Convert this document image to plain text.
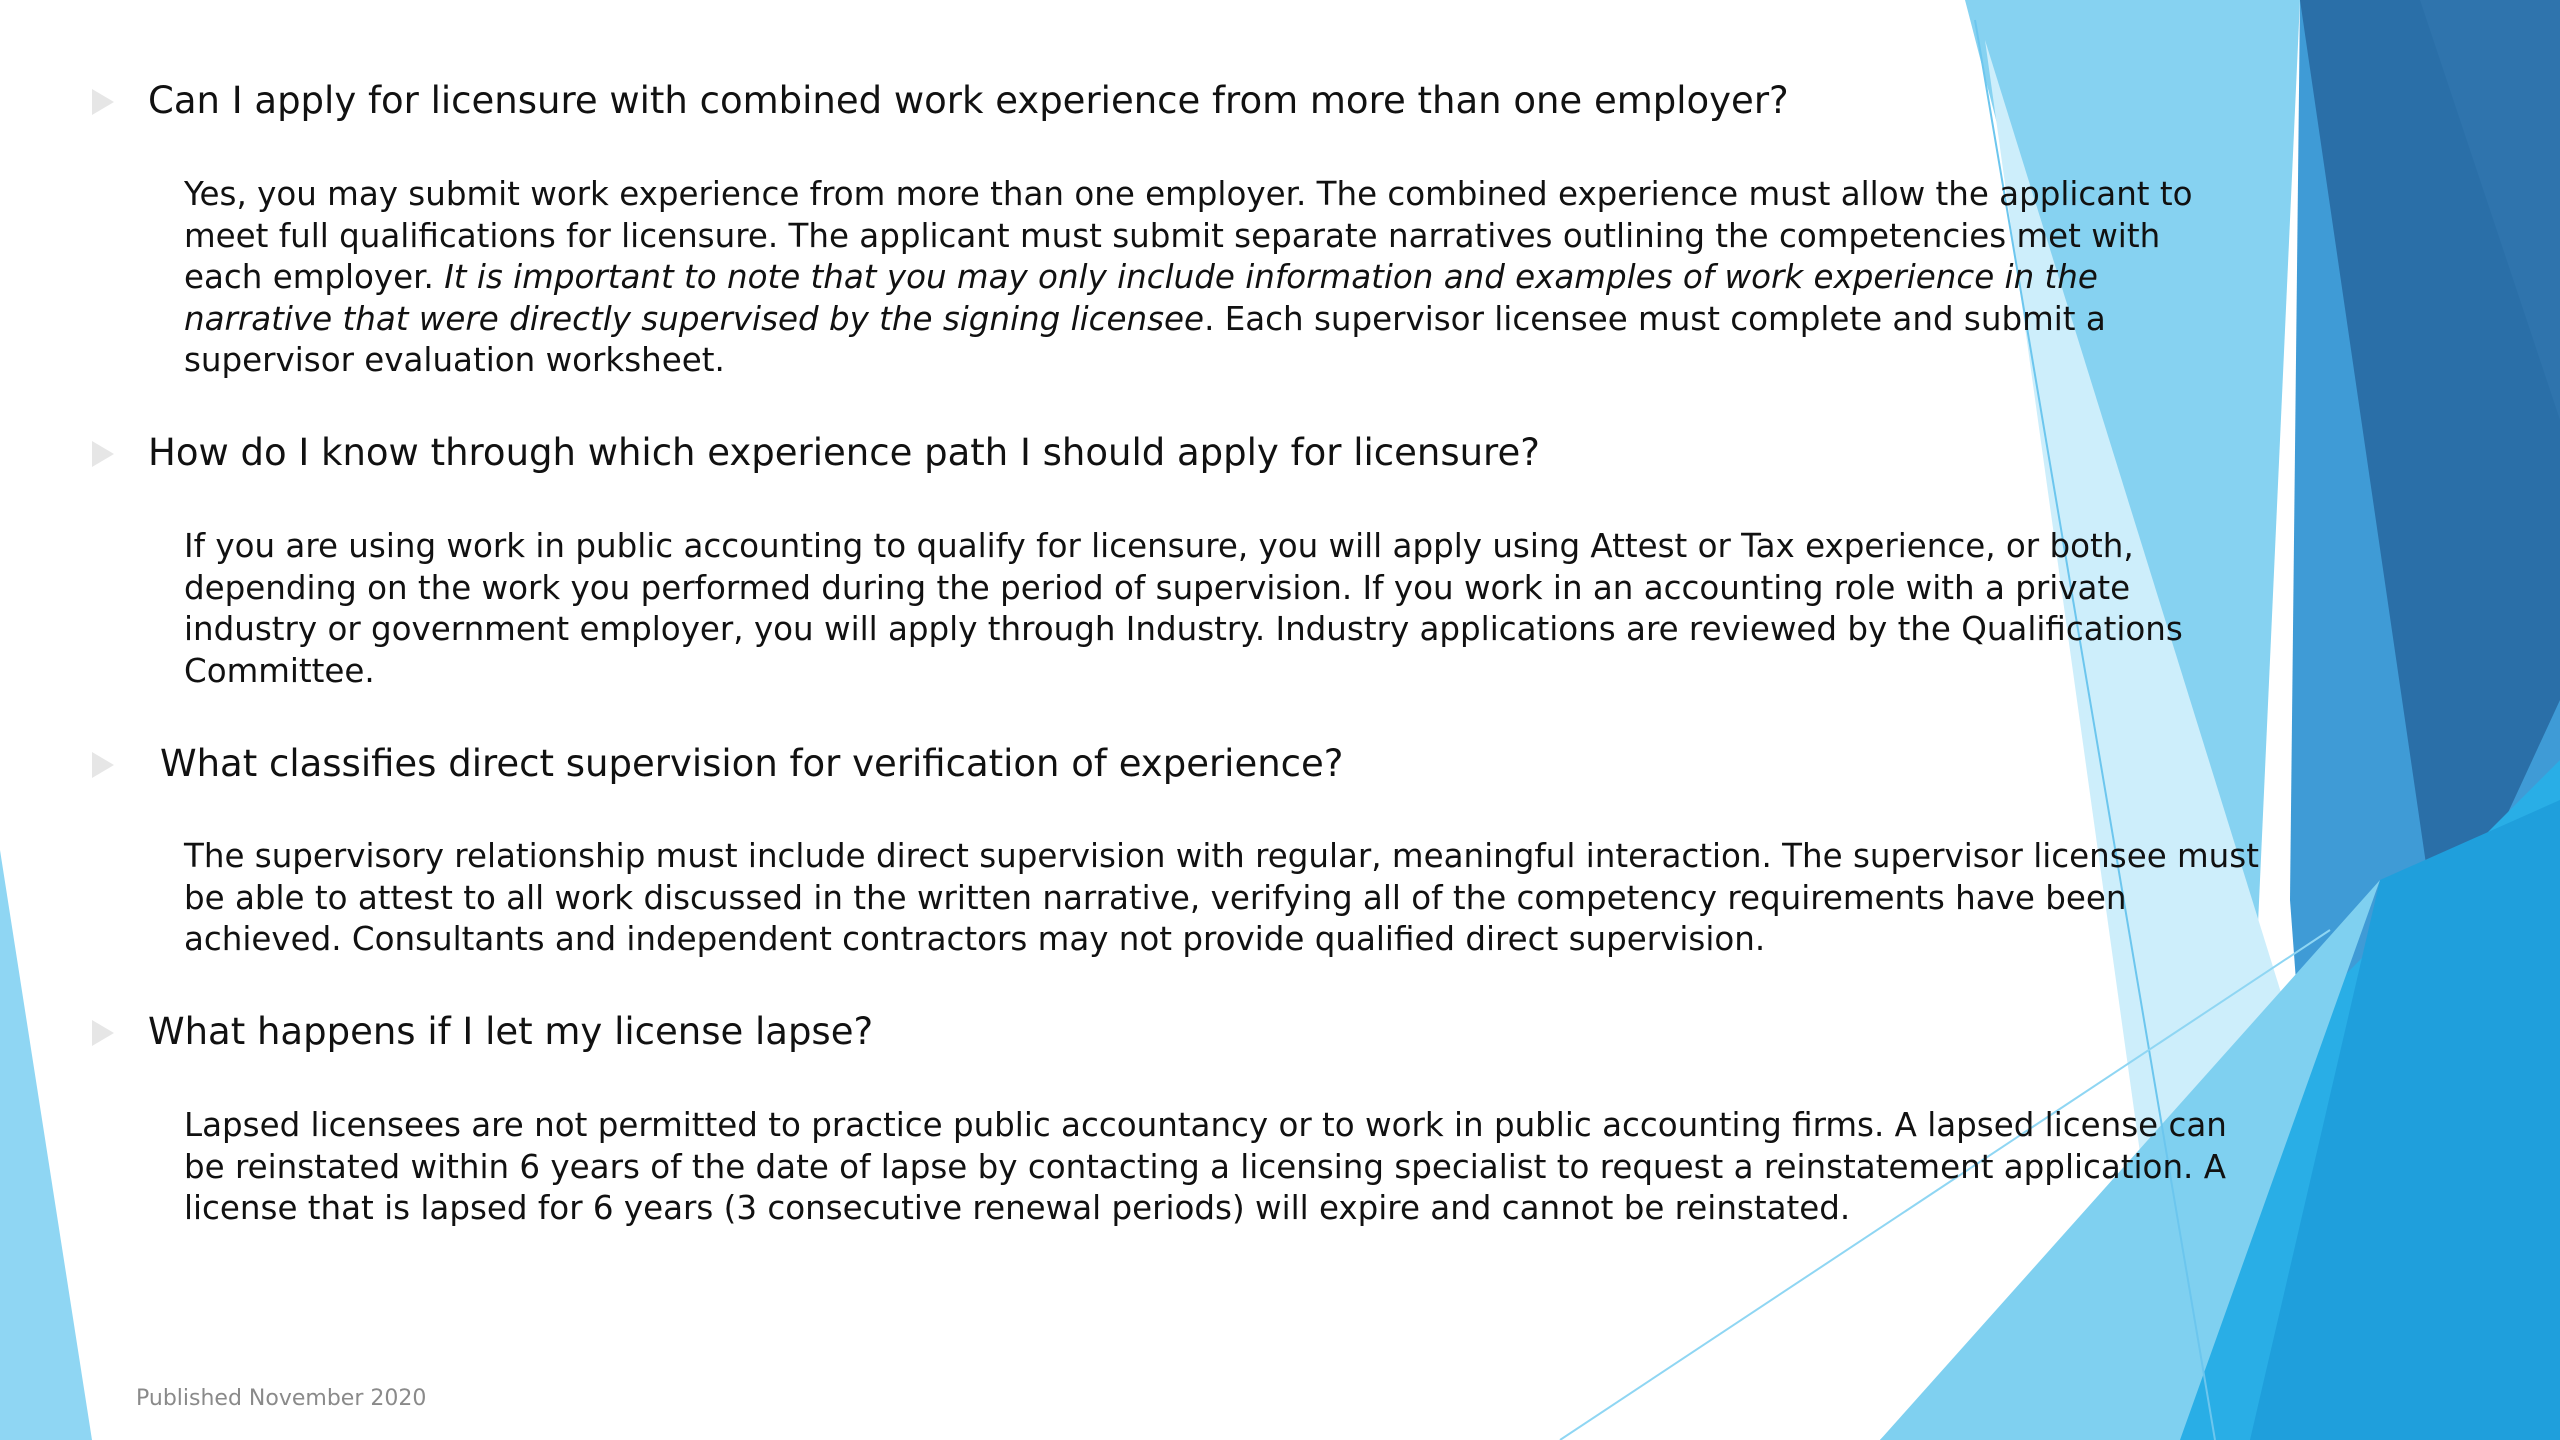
Can I apply for licensure with combined work experience from more than one employer?

Yes, you may submit work experience from more than one employer. The combined experience must allow the applicant to
meet full qualifications for licensure. The applicant must submit separate narratives outlining the competencies met with
each employer. It is important to note that you may only include information and examples of work experience in the
narrative that were directly supervised by the signing licensee. Each supervisor licensee must complete and submit a
supervisor evaluation worksheet.

How do I know through which experience path I should apply for licensure?

If you are using work in public accounting to qualify for licensure, you will apply using Attest or Tax experience, or both,
depending on the work you performed during the period of supervision. If you work in an accounting role with a private
industry or government employer, you will apply through Industry. Industry applications are reviewed by the Qualifications
Committee.

What classifies direct supervision for verification of experience?

The supervisory relationship must include direct supervision with regular, meaningful interaction. The supervisor licensee must
be able to attest to all work discussed in the written narrative, verifying all of the competency requirements have been
achieved. Consultants and independent contractors may not provide qualified direct supervision.

What happens if I let my license lapse?

Lapsed licensees are not permitted to practice public accountancy or to work in public accounting firms. A lapsed license can
be reinstated within 6 years of the date of lapse by contacting a licensing specialist to request a reinstatement application. A
license that is lapsed for 6 years (3 consecutive renewal periods) will expire and cannot be reinstated.

Published November 2020
